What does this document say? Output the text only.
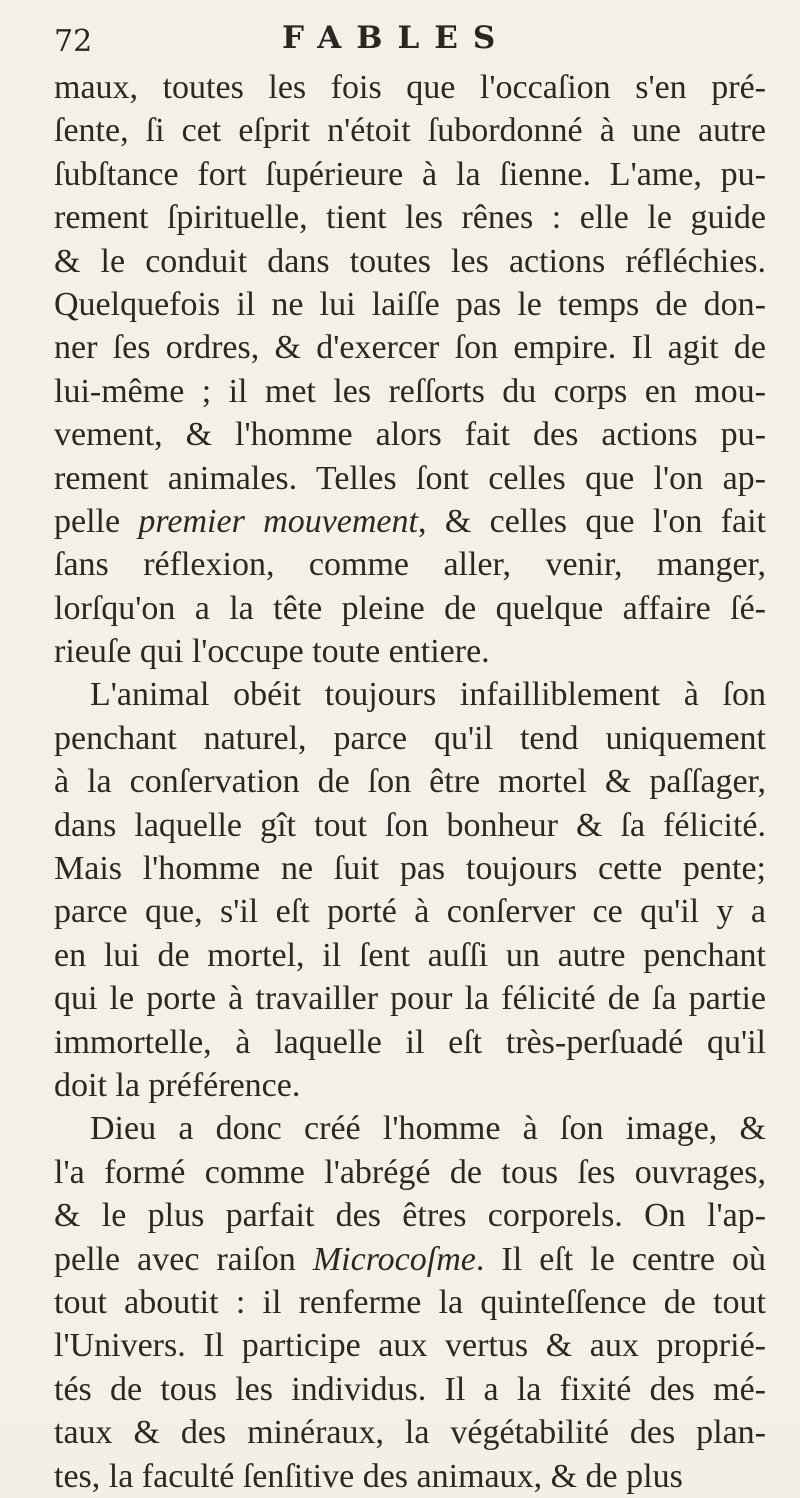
72	FABLES
maux, toutes les fois que l'occaſion s'en pré-
ſente, ſi cet eſprit n'étoit ſubordonné à une autre
ſubſtance fort ſupérieure à la ſienne. L'ame, pu-
rement ſpirituelle, tient les rênes : elle le guide
& le conduit dans toutes les actions réfléchies.
Quelquefois il ne lui laiſſe pas le temps de don-
ner ſes ordres, & d'exercer ſon empire. Il agit de
lui-même ; il met les reſſorts du corps en mou-
vement, & l'homme alors fait des actions pu-
rement animales. Telles ſont celles que l'on ap-
pelle premier mouvement, & celles que l'on fait
ſans réflexion, comme aller, venir, manger,
lorſqu'on a la tête pleine de quelque affaire ſé-
rieuſe qui l'occupe toute entiere.
L'animal obéit toujours infailliblement à ſon
penchant naturel, parce qu'il tend uniquement
à la conſervation de ſon être mortel & paſſager,
dans laquelle gît tout ſon bonheur & ſa félicité.
Mais l'homme ne ſuit pas toujours cette pente;
parce que, s'il eſt porté à conſerver ce qu'il y a
en lui de mortel, il ſent auſſi un autre penchant
qui le porte à travailler pour la félicité de ſa partie
immortelle, à laquelle il eſt très-perſuadé qu'il
doit la préférence.
Dieu a donc créé l'homme à ſon image, &
l'a formé comme l'abrégé de tous ſes ouvrages,
& le plus parfait des êtres corporels. On l'ap-
pelle avec raiſon Microcoſme. Il eſt le centre où
tout aboutit : il renferme la quinteſſence de tout
l'Univers. Il participe aux vertus & aux proprié-
tés de tous les individus. Il a la fixité des mé-
taux & des minéraux, la végétabilité des plan-
tes, la faculté ſenſitive des animaux, & de plus
